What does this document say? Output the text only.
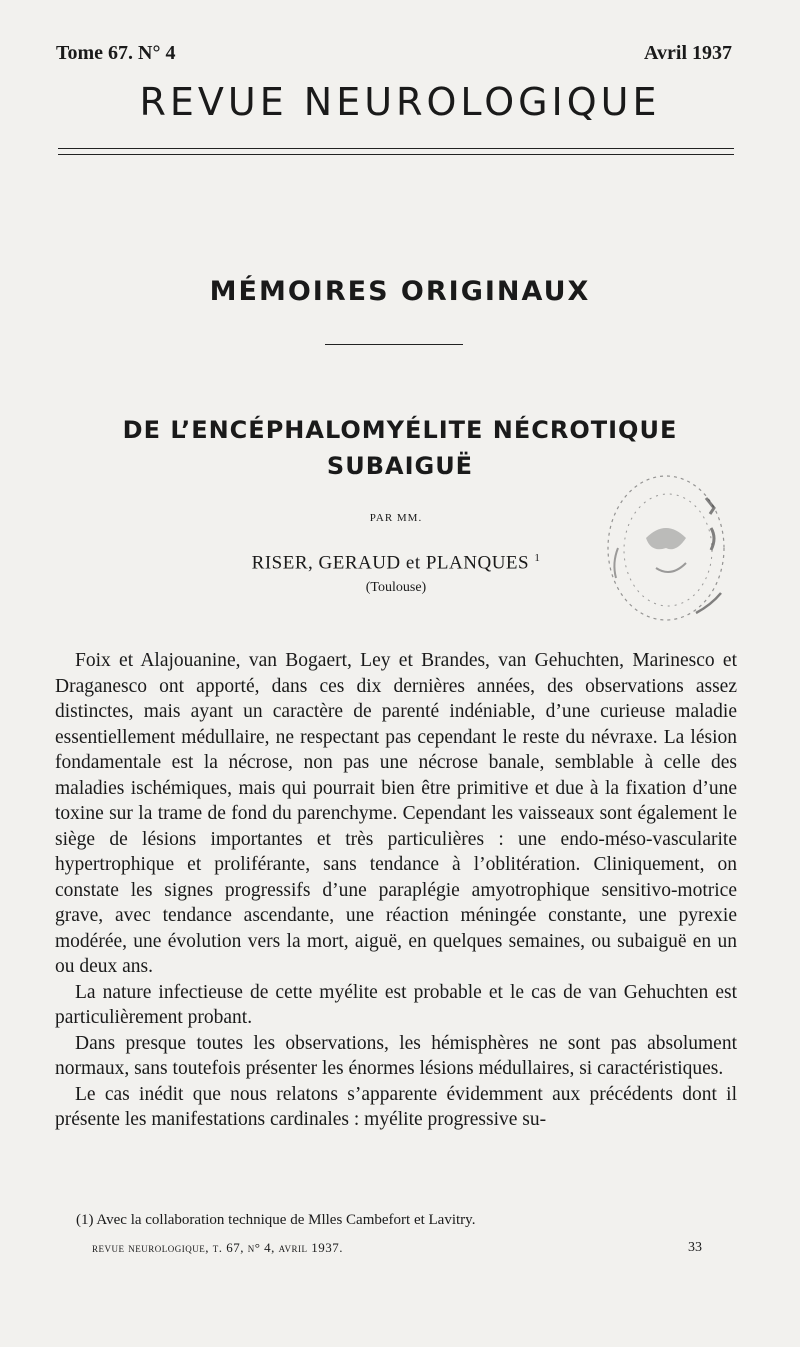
Tome 67. N° 4	Avril 1937
REVUE NEUROLOGIQUE
MÉMOIRES ORIGINAUX
DE L’ENCÉPHALOMYÉLITE NÉCROTIQUE
SUBAIGUË
PAR MM.
RISER, GERAUD et PLANQUES $^1$
(Toulouse)

Foix et Alajouanine, van Bogaert, Ley et Brandes, van Gehuchten, Marinesco et Draganesco ont apporté, dans ces dix dernières années, des observations assez distinctes, mais ayant un caractère de parenté indéniable, d’une curieuse maladie essentiellement médullaire, ne respectant pas cependant le reste du névraxe. La lésion fondamentale est la nécrose, non pas une nécrose banale, semblable à celle des maladies ischémiques, mais qui pourrait bien être primitive et due à la fixation d’une toxine sur la trame de fond du parenchyme. Cependant les vaisseaux sont également le siège de lésions importantes et très particulières : une endo-méso-vascularite hypertrophique et proliférante, sans tendance à l’oblitération. Cliniquement, on constate les signes progressifs d’une paraplégie amyotrophique sensitivo-motrice grave, avec tendance ascendante, une réaction méningée constante, une pyrexie modérée, une évolution vers la mort, aiguë, en quelques semaines, ou subaiguë en un ou deux ans.

La nature infectieuse de cette myélite est probable et le cas de van Gehuchten est particulièrement probant.

Dans presque toutes les observations, les hémisphères ne sont pas absolument normaux, sans toutefois présenter les énormes lésions médullaires, si caractéristiques.

Le cas inédit que nous relatons s’apparente évidemment aux précédents dont il présente les manifestations cardinales : myélite progressive su-

(1) Avec la collaboration technique de Mlles Cambefort et Lavitry.
revue neurologique, t. 67, n° 4, avril 1937.	33
